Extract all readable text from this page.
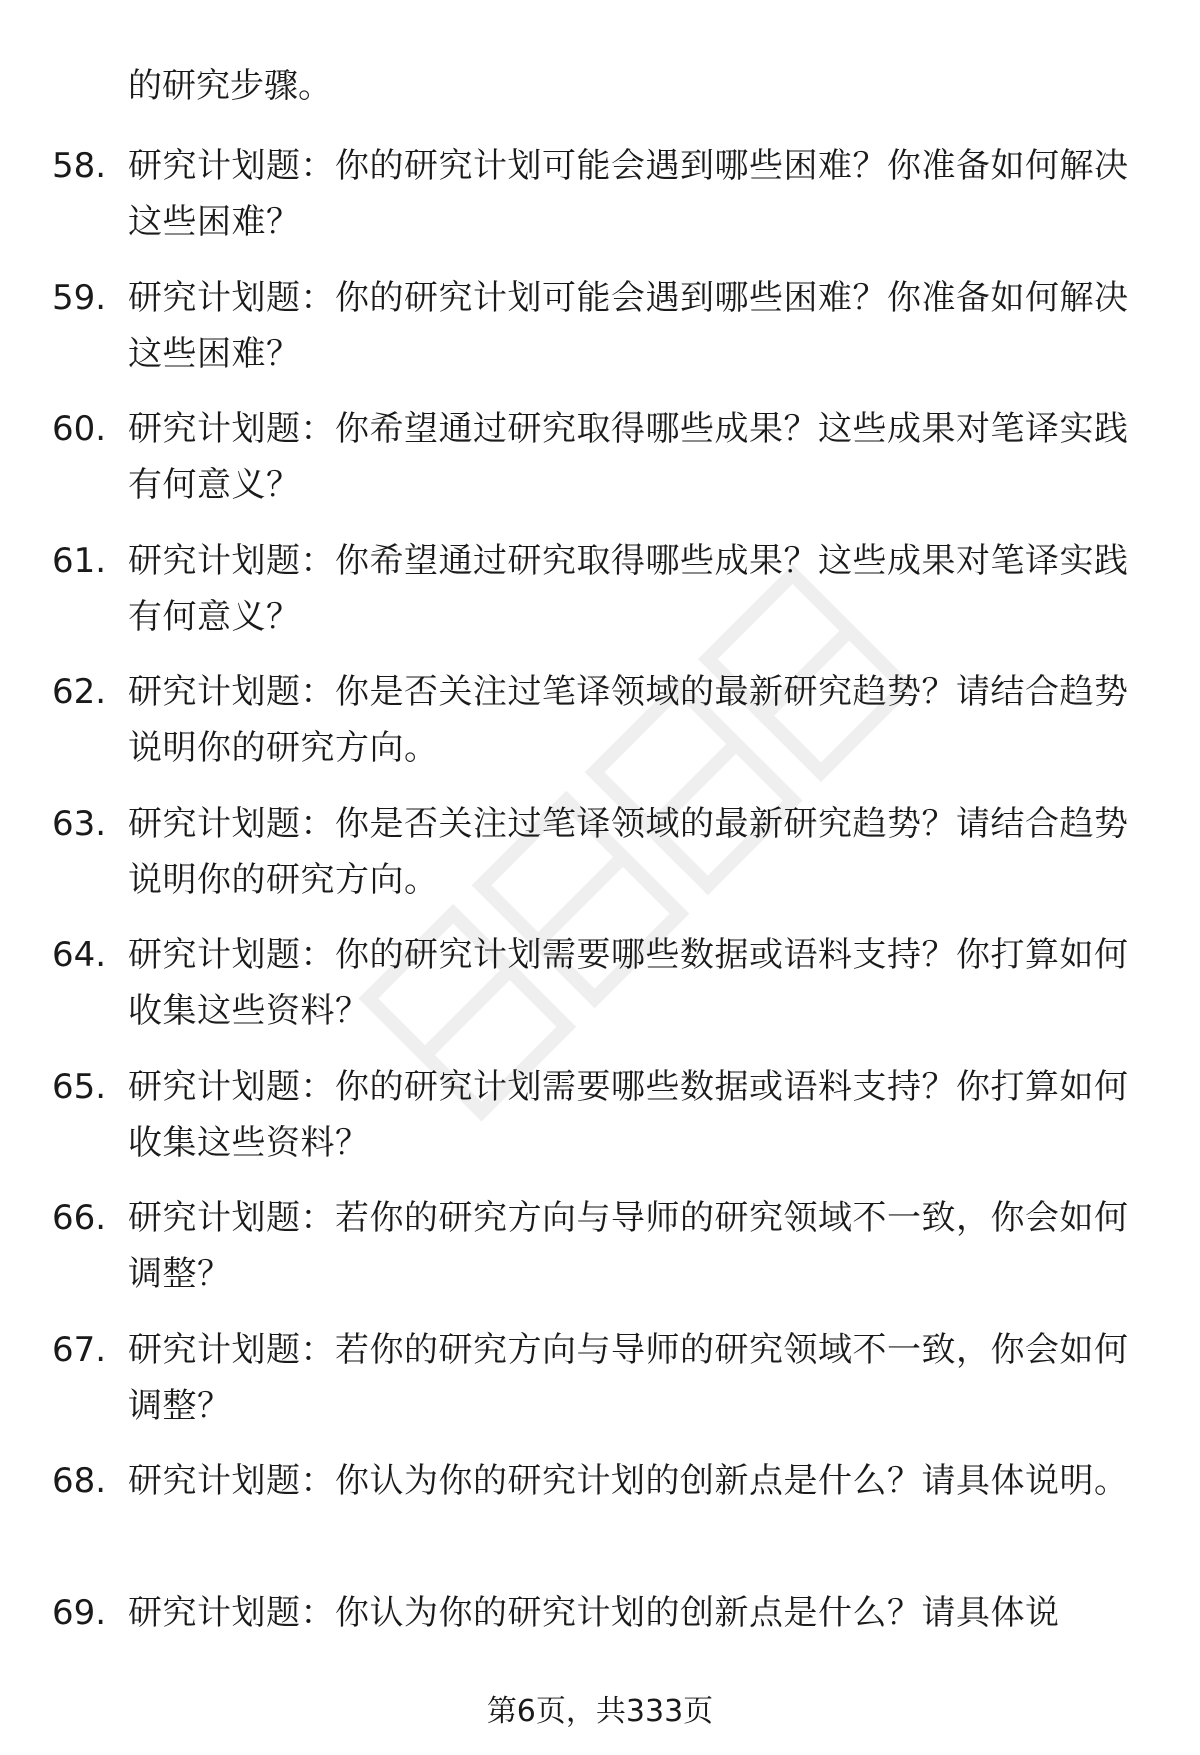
的研究步骤。
58. 研究计划题：你的研究计划可能会遇到哪些困难？你准备如何解决这些困难？
59. 研究计划题：你的研究计划可能会遇到哪些困难？你准备如何解决这些困难？
60. 研究计划题：你希望通过研究取得哪些成果？这些成果对笔译实践有何意义？
61. 研究计划题：你希望通过研究取得哪些成果？这些成果对笔译实践有何意义？
62. 研究计划题：你是否关注过笔译领域的最新研究趋势？请结合趋势说明你的研究方向。
63. 研究计划题：你是否关注过笔译领域的最新研究趋势？请结合趋势说明你的研究方向。
64. 研究计划题：你的研究计划需要哪些数据或语料支持？你打算如何收集这些资料？
65. 研究计划题：你的研究计划需要哪些数据或语料支持？你打算如何收集这些资料？
66. 研究计划题：若你的研究方向与导师的研究领域不一致，你会如何调整？
67. 研究计划题：若你的研究方向与导师的研究领域不一致，你会如何调整？
68. 研究计划题：你认为你的研究计划的创新点是什么？请具体说明。
69. 研究计划题：你认为你的研究计划的创新点是什么？请具体说
第6页，共333页
